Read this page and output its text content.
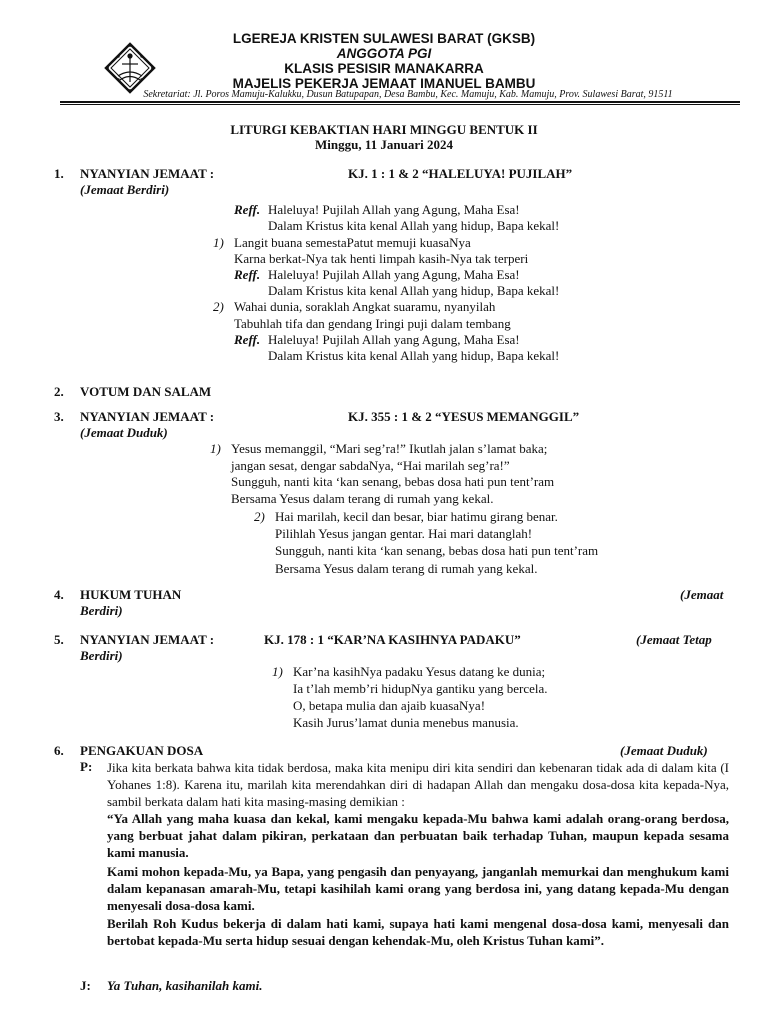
LGEREJA KRISTEN SULAWESI BARAT (GKSB)
ANGGOTA PGI
KLASIS PESISIR MANAKARRA
MAJELIS PEKERJA JEMAAT IMANUEL BAMBU
Sekretariat: Jl. Poros Mamuju-Kalukku, Dusun Batupapan, Desa Bambu, Kec. Mamuju, Kab. Mamuju, Prov. Sulawesi Barat, 91511
LITURGI KEBAKTIAN HARI MINGGU BENTUK II
Minggu, 11 Januari 2024
1. NYANYIAN JEMAAT :	KJ. 1 : 1 & 2 “HALELUYA! PUJILAH”
(Jemaat Berdiri)
Reff. Haleluya! Pujilah Allah yang Agung, Maha Esa!
Dalam Kristus kita kenal Allah yang hidup, Bapa kekal!
1) Langit buana semestaPatut memuji kuasaNya
Karna berkat-Nya tak henti limpah kasih-Nya tak terperi
Reff. Haleluya! Pujilah Allah yang Agung, Maha Esa!
Dalam Kristus kita kenal Allah yang hidup, Bapa kekal!
2) Wahai dunia, soraklah Angkat suaramu, nyanyilah
Tabuhlah tifa dan gendang Iringi puji dalam tembang
Reff. Haleluya! Pujilah Allah yang Agung, Maha Esa!
Dalam Kristus kita kenal Allah yang hidup, Bapa kekal!
2. VOTUM DAN SALAM
3. NYANYIAN JEMAAT :	KJ. 355 : 1 & 2 “YESUS MEMANGGIL”
(Jemaat Duduk)
1) Yesus memanggil, “Mari seg’ra!” Ikutlah jalan s’lamat baka;
jangan sesat, dengar sabdaNya, “Hai marilah seg’ra!”
Sungguh, nanti kita ‘kan senang, bebas dosa hati pun tent’ram
Bersama Yesus dalam terang di rumah yang kekal.
2) Hai marilah, kecil dan besar, biar hatimu girang benar.
Pilihlah Yesus jangan gentar. Hai mari datanglah!
Sungguh, nanti kita ‘kan senang, bebas dosa hati pun tent’ram
Bersama Yesus dalam terang di rumah yang kekal.
4. HUKUM TUHAN	(Jemaat
Berdiri)
5. NYANYIAN JEMAAT :	KJ. 178 : 1 “KAR’NA KASIHNYA PADAKU”	(Jemaat Tetap
Berdiri)
1) Kar’na kasihNya padaku Yesus datang ke dunia;
Ia t’lah memb’ri hidupNya gantiku yang bercela.
O, betapa mulia dan ajaib kuasaNya!
Kasih Jurus’lamat dunia menebus manusia.
6. PENGAKUAN DOSA	(Jemaat Duduk)
P: Jika kita berkata bahwa kita tidak berdosa, maka kita menipu diri kita sendiri dan kebenaran tidak ada di dalam kita (I Yohanes 1:8). Karena itu, marilah kita merendahkan diri di hadapan Allah dan mengaku dosa-dosa kita kepada-Nya, sambil berkata dalam hati kita masing-masing demikian :
“Ya Allah yang maha kuasa dan kekal, kami mengaku kepada-Mu bahwa kami adalah orang-orang berdosa, yang berbuat jahat dalam pikiran, perkataan dan perbuatan baik terhadap Tuhan, maupun kepada sesama kami manusia.
Kami mohon kepada-Mu, ya Bapa, yang pengasih dan penyayang, janganlah memurkai dan menghukum kami dalam kepanasan amarah-Mu, tetapi kasihilah kami orang yang berdosa ini, yang datang kepada-Mu dengan menyesali dosa-dosa kami.
Berilah Roh Kudus bekerja di dalam hati kami, supaya hati kami mengenal dosa-dosa kami, menyesali dan bertobat kepada-Mu serta hidup sesuai dengan kehendak-Mu, oleh Kristus Tuhan kami”.
J: Ya Tuhan, kasihanilah kami.
